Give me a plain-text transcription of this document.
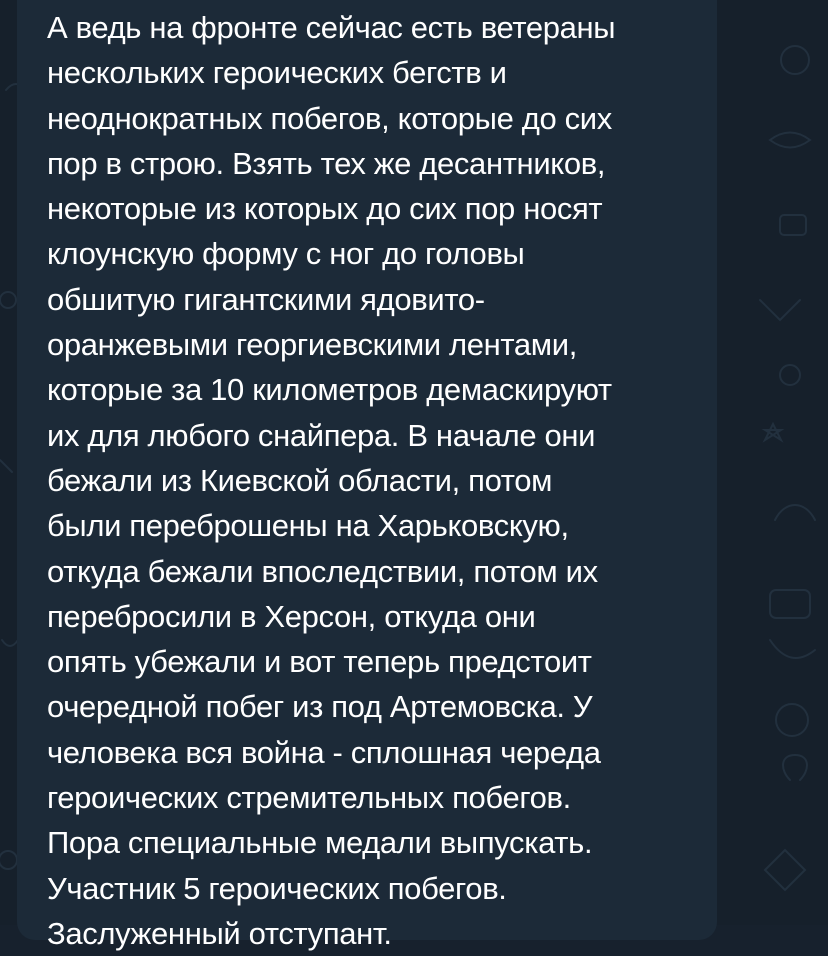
А ведь на фронте сейчас есть ветераны
нескольких героических бегств и
неоднократных побегов, которые до сих
пор в строю. Взять тех же десантников,
некоторые из которых до сих пор носят
клоунскую форму с ног до головы
обшитую гигантскими ядовито-
оранжевыми георгиевскими лентами,
которые за 10 километров демаскируют
их для любого снайпера. В начале они
бежали из Киевской области, потом
были переброшены на Харьковскую,
откуда бежали впоследствии, потом их
перебросили в Херсон, откуда они
опять убежали и вот теперь предстоит
очередной побег из под Артемовска. У
человека вся война - сплошная череда
героических стремительных побегов.
Пора специальные медали выпускать.
Участник 5 героических побегов.
Заслуженный отступант.
